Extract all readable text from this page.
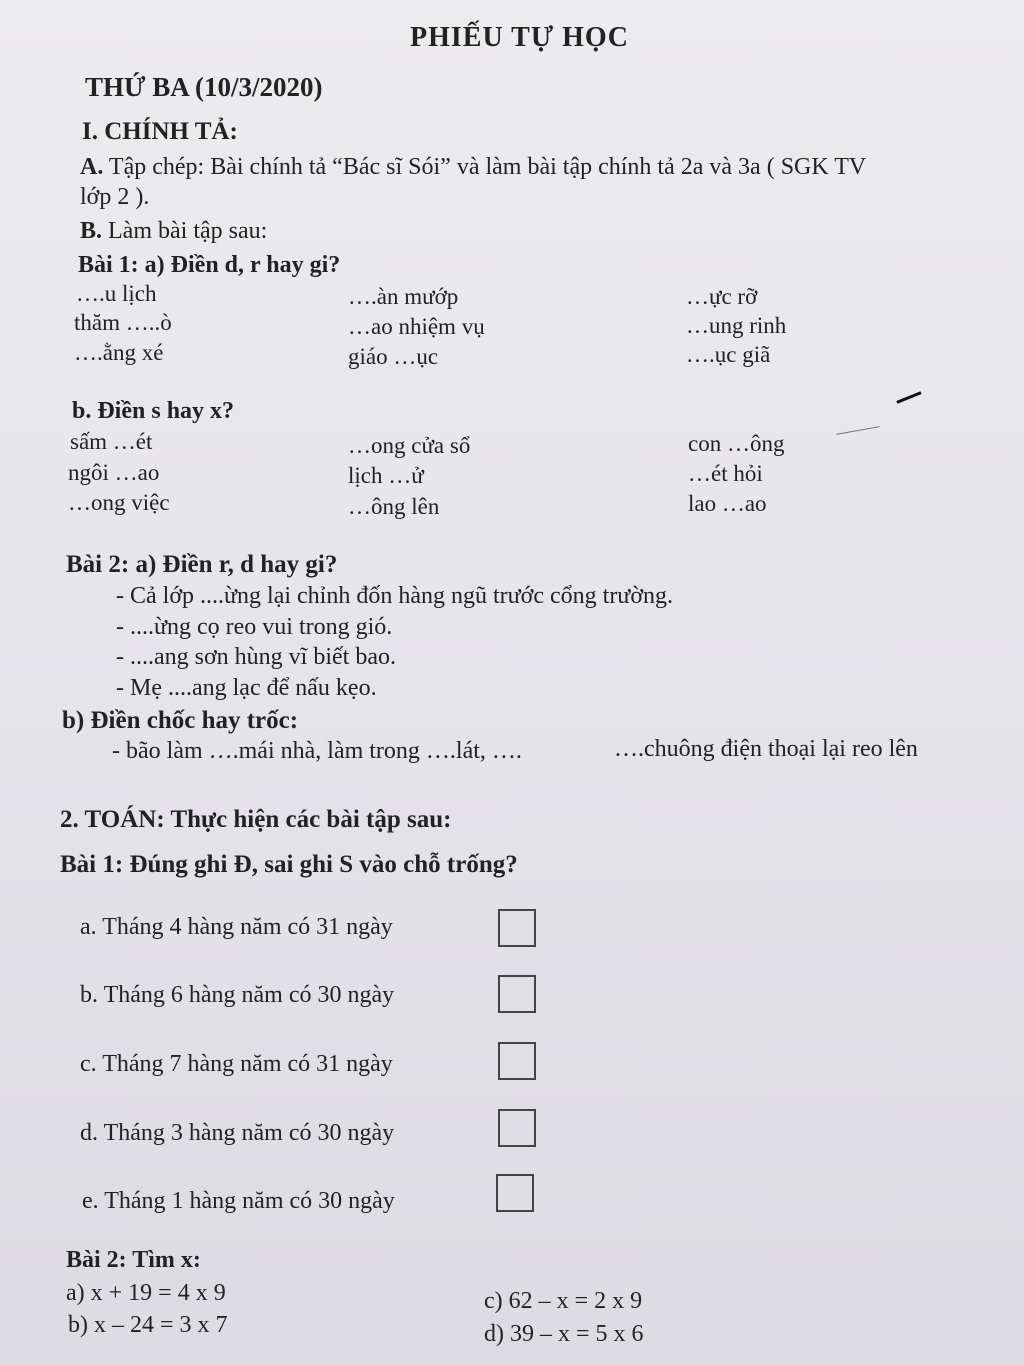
PHIẾU TỰ HỌC
THỨ BA (10/3/2020)
I. CHÍNH TẢ:
A. Tập chép: Bài chính tả “Bác sĩ Sói” và làm bài tập chính tả 2a và 3a ( SGK TV
lớp 2 ).
B. Làm bài tập sau:
Bài 1: a) Điền d, r hay gi?
….u lịch	….àn mướp	…ực rỡ
thăm …..ò	…ao nhiệm vụ	…ung rinh
….ằng xé	giáo …ục	….ục giã
b. Điền s hay x?
sấm …ét	…ong cửa sổ	con …ông
ngôi …ao	lịch …ử	…ét hỏi
…ong việc	…ông lên	lao …ao
Bài 2: a) Điền r, d hay gi?
- Cả lớp ....ừng lại chỉnh đốn hàng ngũ trước cổng trường.
- ....ừng cọ reo vui trong gió.
- ....ang sơn hùng vĩ biết bao.
- Mẹ ....ang lạc để nấu kẹo.
b) Điền chốc hay trốc:
- bão làm ….mái nhà, làm trong ….lát, ….	….chuông điện thoại lại reo lên
2. TOÁN: Thực hiện các bài tập sau:
Bài 1: Đúng ghi Đ, sai ghi S vào chỗ trống?
a. Tháng 4 hàng năm có 31 ngày
b. Tháng 6 hàng năm có 30 ngày
c. Tháng 7 hàng năm có 31 ngày
d. Tháng 3 hàng năm có 30 ngày
e. Tháng 1 hàng năm có 30 ngày
Bài 2: Tìm x:
a) x + 19 = 4 x 9
b) x – 24 = 3 x 7
c) 62 – x = 2 x 9
d) 39 – x = 5 x 6
